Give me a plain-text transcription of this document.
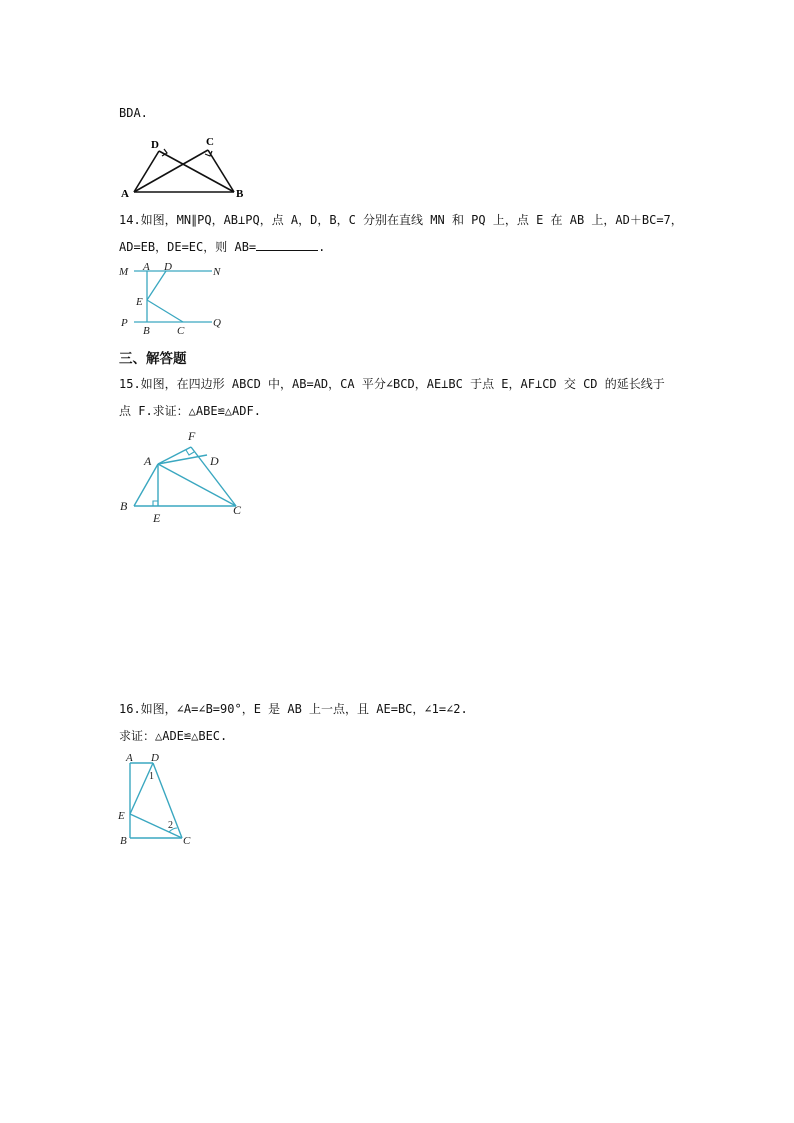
BDA.
A	B
D	C
14.如图，MN∥PQ，AB⊥PQ，点 A，D，B，C 分别在直线 MN 和 PQ 上，点 E 在 AB 上，AD＋BC=7，
AD=EB，DE=EC，则 AB=	.
M A D	N
E
P
B C
Q
三、解答题
15.如图，在四边形 ABCD 中，AB=AD，CA 平分∠BCD，AE⊥BC 于点 E，AF⊥CD 交 CD 的延长线于
点 F.求证：△ABE≌△ADF.
F
A	D
B
E
C
16.如图，∠A=∠B=90°，E 是 AB 上一点，且 AE=BC，∠1=∠2.
求证：△ADE≌△BEC.
A D
E
B	C
1
2
